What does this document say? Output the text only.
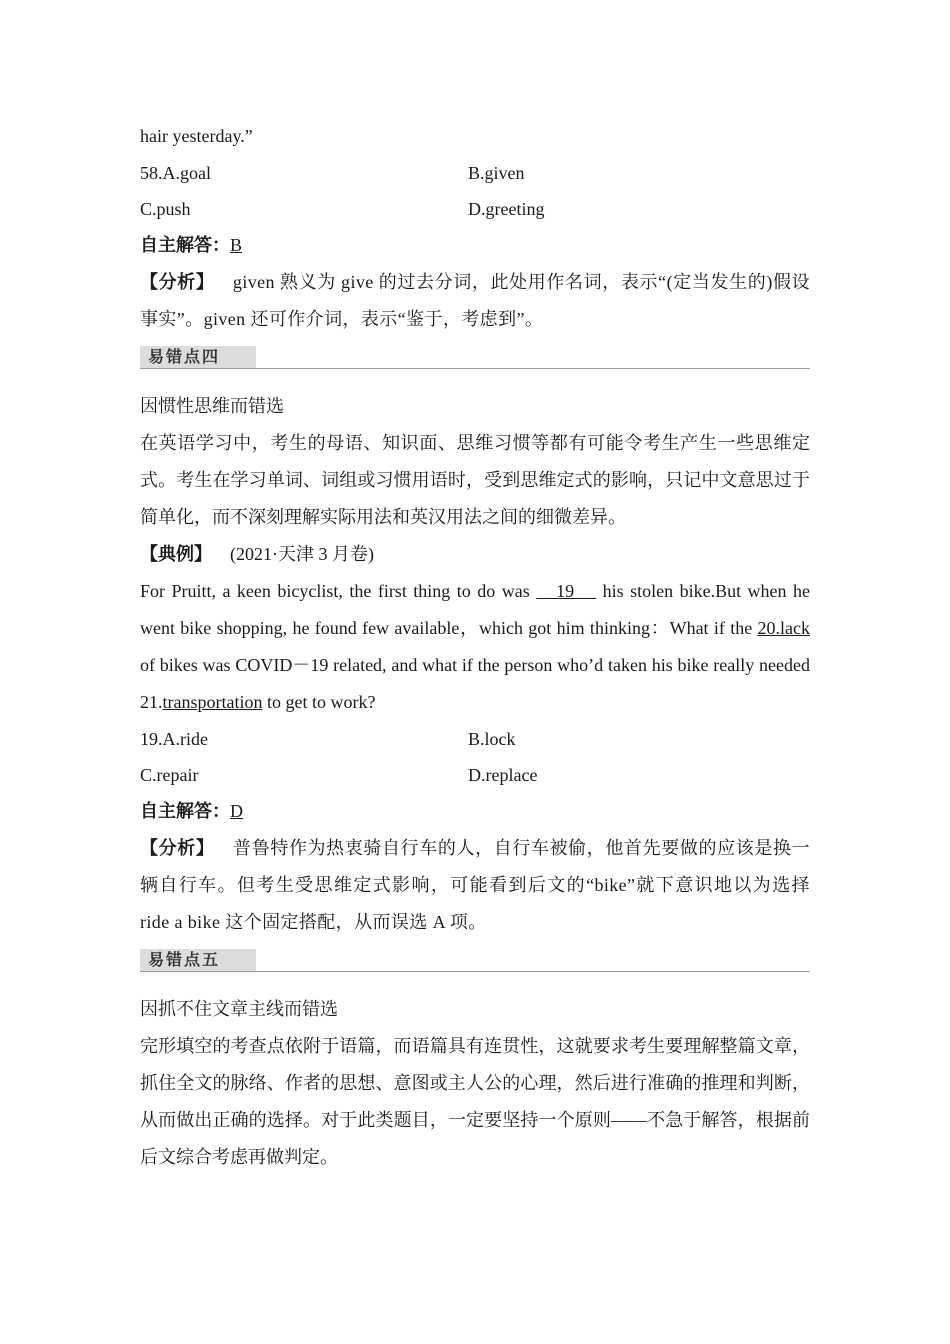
hair yesterday.”
58.A.goal	B.given
C.push	D.greeting
自主解答：B
【分析】  given 熟义为 give 的过去分词，此处用作名词，表示“(定当发生的)假设事实”。given 还可作介词，表示“鉴于，考虑到”。
易错点四
因惯性思维而错选
在英语学习中，考生的母语、知识面、思维习惯等都有可能令考生产生一些思维定式。考生在学习单词、词组或习惯用语时，受到思维定式的影响，只记中文意思过于简单化，而不深刻理解实际用法和英汉用法之间的细微差异。
【典例】  (2021·天津 3 月卷)
For Pruitt, a keen bicyclist, the first thing to do was 　19　 his stolen bike.But when he went bike shopping, he found few available，which got him thinking：What if the 20.lack of bikes was COVID－19 related, and what if the person who’d taken his bike really needed 21.transportation to get to work?
19.A.ride	B.lock
C.repair	D.replace
自主解答：D
【分析】  普鲁特作为热衷骑自行车的人，自行车被偷，他首先要做的应该是换一辆自行车。但考生受思维定式影响，可能看到后文的“bike”就下意识地以为选择 ride a bike 这个固定搭配，从而误选 A 项。
易错点五
因抓不住文章主线而错选
完形填空的考查点依附于语篇，而语篇具有连贯性，这就要求考生要理解整篇文章，抓住全文的脉络、作者的思想、意图或主人公的心理，然后进行准确的推理和判断，从而做出正确的选择。对于此类题目，一定要坚持一个原则——不急于解答，根据前后文综合考虑再做判定。
